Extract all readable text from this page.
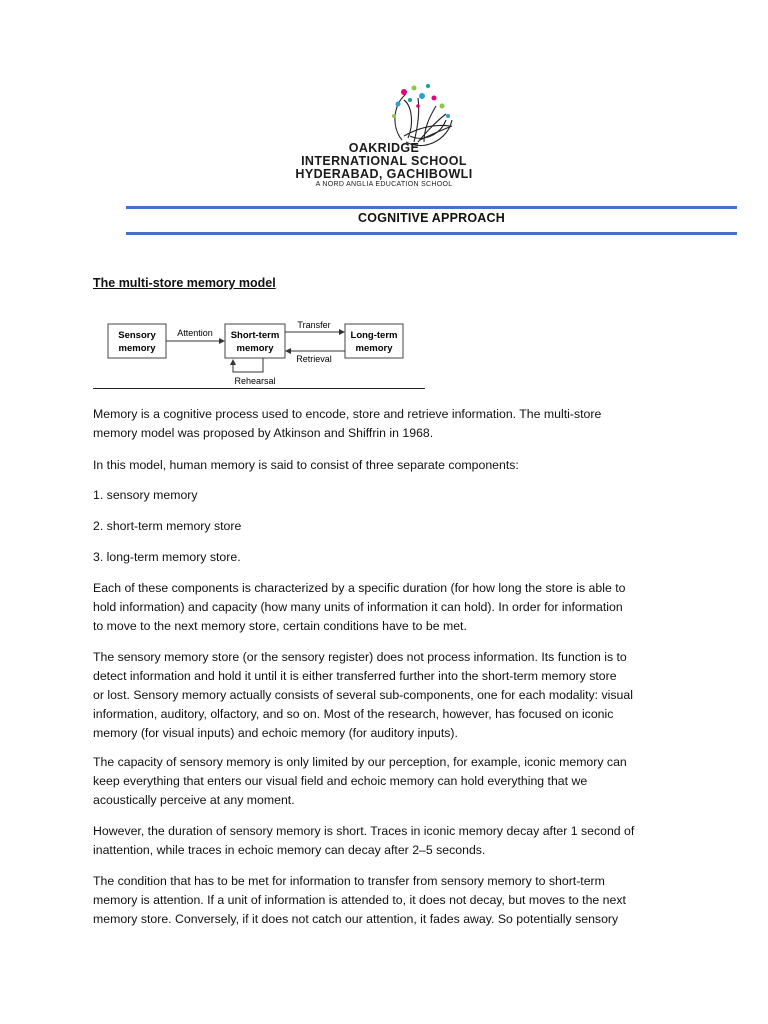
OAKRIDGE
INTERNATIONAL SCHOOL
HYDERABAD, GACHIBOWLI
A NORD ANGLIA EDUCATION SCHOOL
COGNITIVE APPROACH
The multi-store memory model
Sensory
memory
Short-term
memory
Long-term
memory
Attention
Transfer
Retrieval
Rehearsal

Memory is a cognitive process used to encode, store and retrieve information. The multi-store
memory model was proposed by Atkinson and Shiffrin in 1968.

In this model, human memory is said to consist of three separate components:

1. sensory memory

2. short-term memory store

3. long-term memory store.

Each of these components is characterized by a specific duration (for how long the store is able to
hold information) and capacity (how many units of information it can hold). In order for information
to move to the next memory store, certain conditions have to be met.

The sensory memory store (or the sensory register) does not process information. Its function is to
detect information and hold it until it is either transferred further into the short-term memory store
or lost. Sensory memory actually consists of several sub-components, one for each modality: visual
information, auditory, olfactory, and so on. Most of the research, however, has focused on iconic
memory (for visual inputs) and echoic memory (for auditory inputs).

The capacity of sensory memory is only limited by our perception, for example, iconic memory can
keep everything that enters our visual field and echoic memory can hold everything that we
acoustically perceive at any moment.

However, the duration of sensory memory is short. Traces in iconic memory decay after 1 second of
inattention, while traces in echoic memory can decay after 2–5 seconds.

The condition that has to be met for information to transfer from sensory memory to short-term
memory is attention. If a unit of information is attended to, it does not decay, but moves to the next
memory store. Conversely, if it does not catch our attention, it fades away. So potentially sensory
